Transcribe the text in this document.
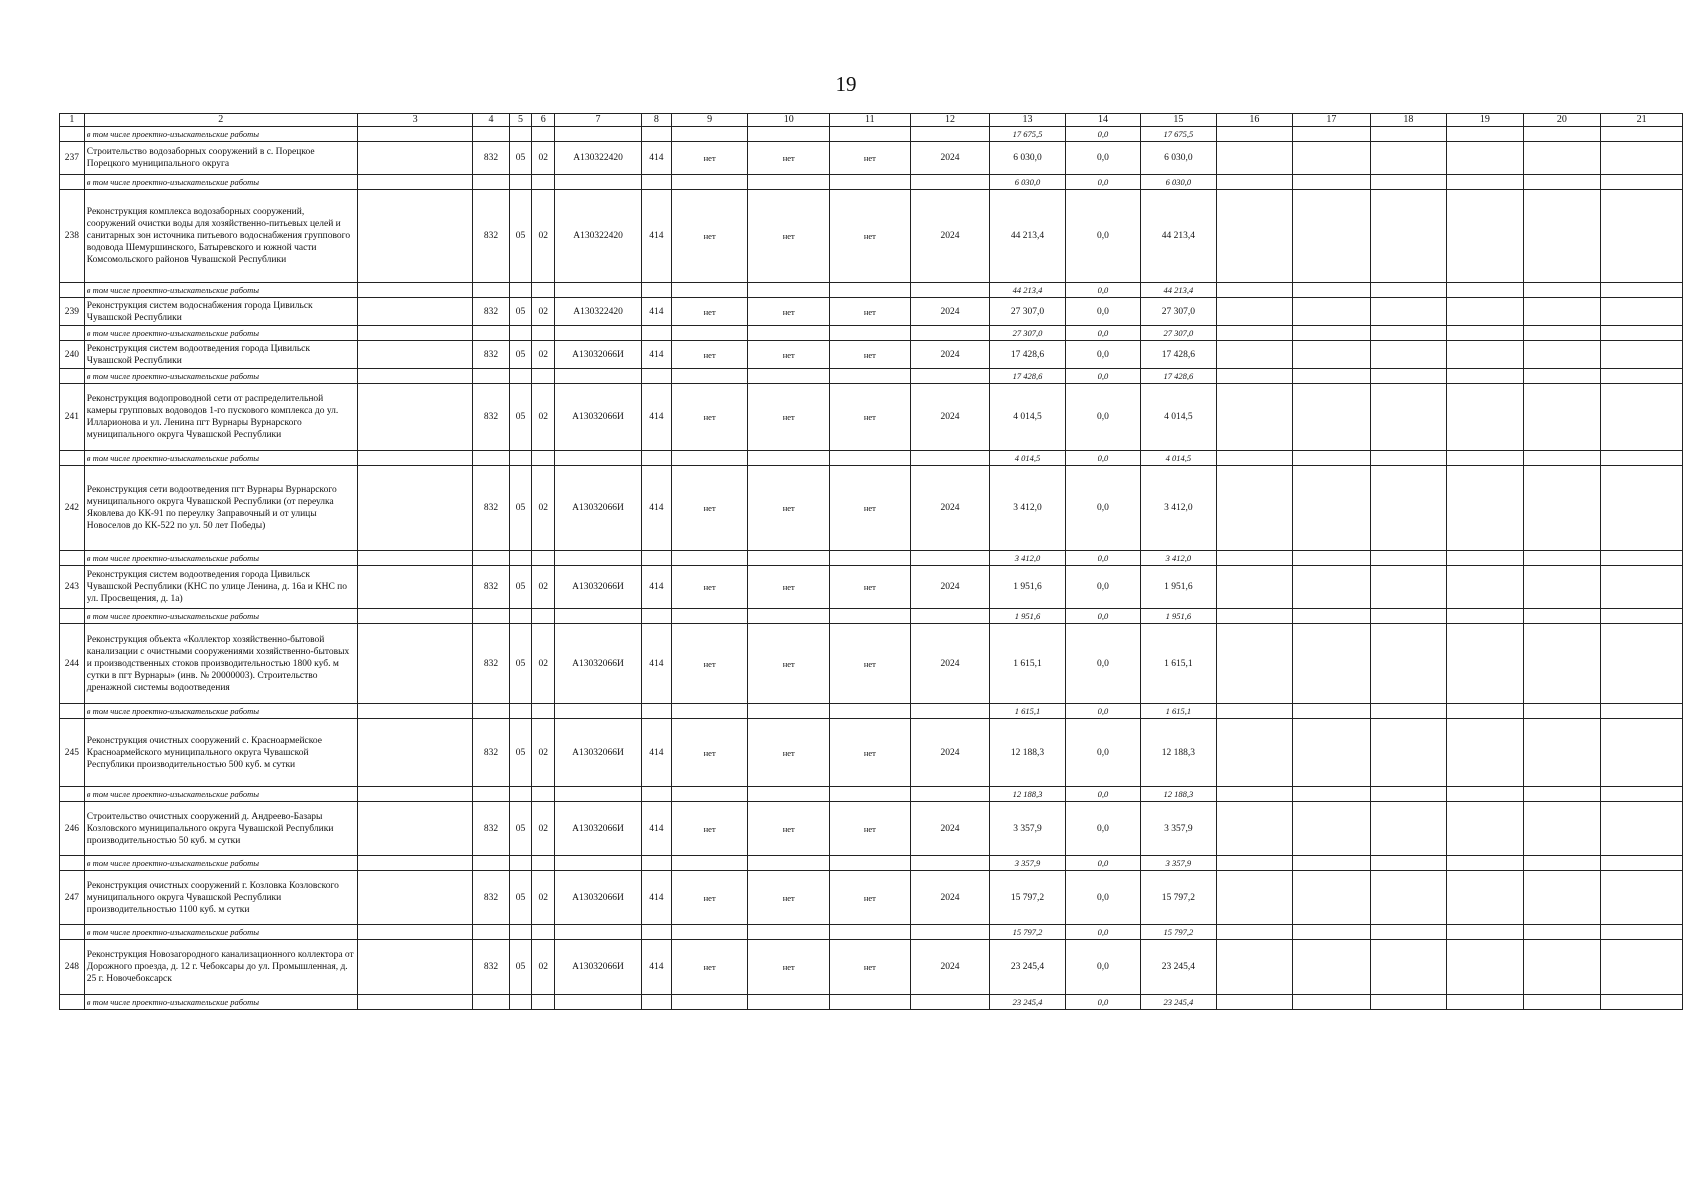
19
1	2	3	4	5	6	7	8	9	10	11	12	13	14	15	16	17	18	19	20	21
	в том числе проектно-изыскательские работы											17 675,5	0,0	17 675,5						
237	Строительство водозаборных сооружений в с. Порецкое Порецкого муниципального округа		832	05	02	А130322420	414	нет	нет	нет	2024	6 030,0	0,0	6 030,0						
	в том числе проектно-изыскательские работы											6 030,0	0,0	6 030,0						
238	Реконструкция комплекса водозаборных сооружений, сооружений очистки воды для хозяйственно-питьевых целей и санитарных зон источника питьевого водоснабжения группового водовода Шемуршинского, Батыревского и южной части Комсомольского районов Чувашской Республики		832	05	02	А130322420	414	нет	нет	нет	2024	44 213,4	0,0	44 213,4						
	в том числе проектно-изыскательские работы											44 213,4	0,0	44 213,4						
239	Реконструкция систем водоснабжения города Цивильск Чувашской Республики		832	05	02	А130322420	414	нет	нет	нет	2024	27 307,0	0,0	27 307,0						
	в том числе проектно-изыскательские работы											27 307,0	0,0	27 307,0						
240	Реконструкция систем водоотведения города Цивильск Чувашской Республики		832	05	02	А13032066И	414	нет	нет	нет	2024	17 428,6	0,0	17 428,6						
	в том числе проектно-изыскательские работы											17 428,6	0,0	17 428,6						
241	Реконструкция водопроводной сети от распределительной камеры групповых водоводов 1-го пускового комплекса до ул. Илларионова и ул. Ленина пгт Вурнары Вурнарского муниципального округа Чувашской Республики		832	05	02	А13032066И	414	нет	нет	нет	2024	4 014,5	0,0	4 014,5						
	в том числе проектно-изыскательские работы											4 014,5	0,0	4 014,5						
242	Реконструкция сети водоотведения пгт Вурнары Вурнарского муниципального округа Чувашской Республики (от переулка Яковлева до КК-91 по переулку Заправочный и от улицы Новоселов до КК-522 по ул. 50 лет Победы)		832	05	02	А13032066И	414	нет	нет	нет	2024	3 412,0	0,0	3 412,0						
	в том числе проектно-изыскательские работы											3 412,0	0,0	3 412,0						
243	Реконструкция систем водоотведения города Цивильск Чувашской Республики (КНС по улице Ленина, д. 16а и КНС по ул. Просвещения, д. 1а)		832	05	02	А13032066И	414	нет	нет	нет	2024	1 951,6	0,0	1 951,6						
	в том числе проектно-изыскательские работы											1 951,6	0,0	1 951,6						
244	Реконструкция объекта «Коллектор хозяйственно-бытовой канализации с очистными сооружениями хозяйственно-бытовых и производственных стоков производительностью 1800 куб. м сутки в пгт Вурнары» (инв. № 20000003). Строительство дренажной системы водоотведения		832	05	02	А13032066И	414	нет	нет	нет	2024	1 615,1	0,0	1 615,1						
	в том числе проектно-изыскательские работы											1 615,1	0,0	1 615,1						
245	Реконструкция очистных сооружений с. Красноармейское Красноармейского муниципального округа Чувашской Республики производительностью 500 куб. м сутки		832	05	02	А13032066И	414	нет	нет	нет	2024	12 188,3	0,0	12 188,3						
	в том числе проектно-изыскательские работы											12 188,3	0,0	12 188,3						
246	Строительство очистных сооружений д. Андреево-Базары Козловского муниципального округа Чувашской Республики производительностью 50 куб. м сутки		832	05	02	А13032066И	414	нет	нет	нет	2024	3 357,9	0,0	3 357,9						
	в том числе проектно-изыскательские работы											3 357,9	0,0	3 357,9						
247	Реконструкция очистных сооружений г. Козловка Козловского муниципального округа Чувашской Республики производительностью 1100 куб. м сутки		832	05	02	А13032066И	414	нет	нет	нет	2024	15 797,2	0,0	15 797,2						
	в том числе проектно-изыскательские работы											15 797,2	0,0	15 797,2						
248	Реконструкция Новозагородного канализационного коллектора от Дорожного проезда, д. 12 г. Чебоксары до ул. Промышленная, д. 25 г. Новочебоксарск		832	05	02	А13032066И	414	нет	нет	нет	2024	23 245,4	0,0	23 245,4						
	в том числе проектно-изыскательские работы											23 245,4	0,0	23 245,4						
